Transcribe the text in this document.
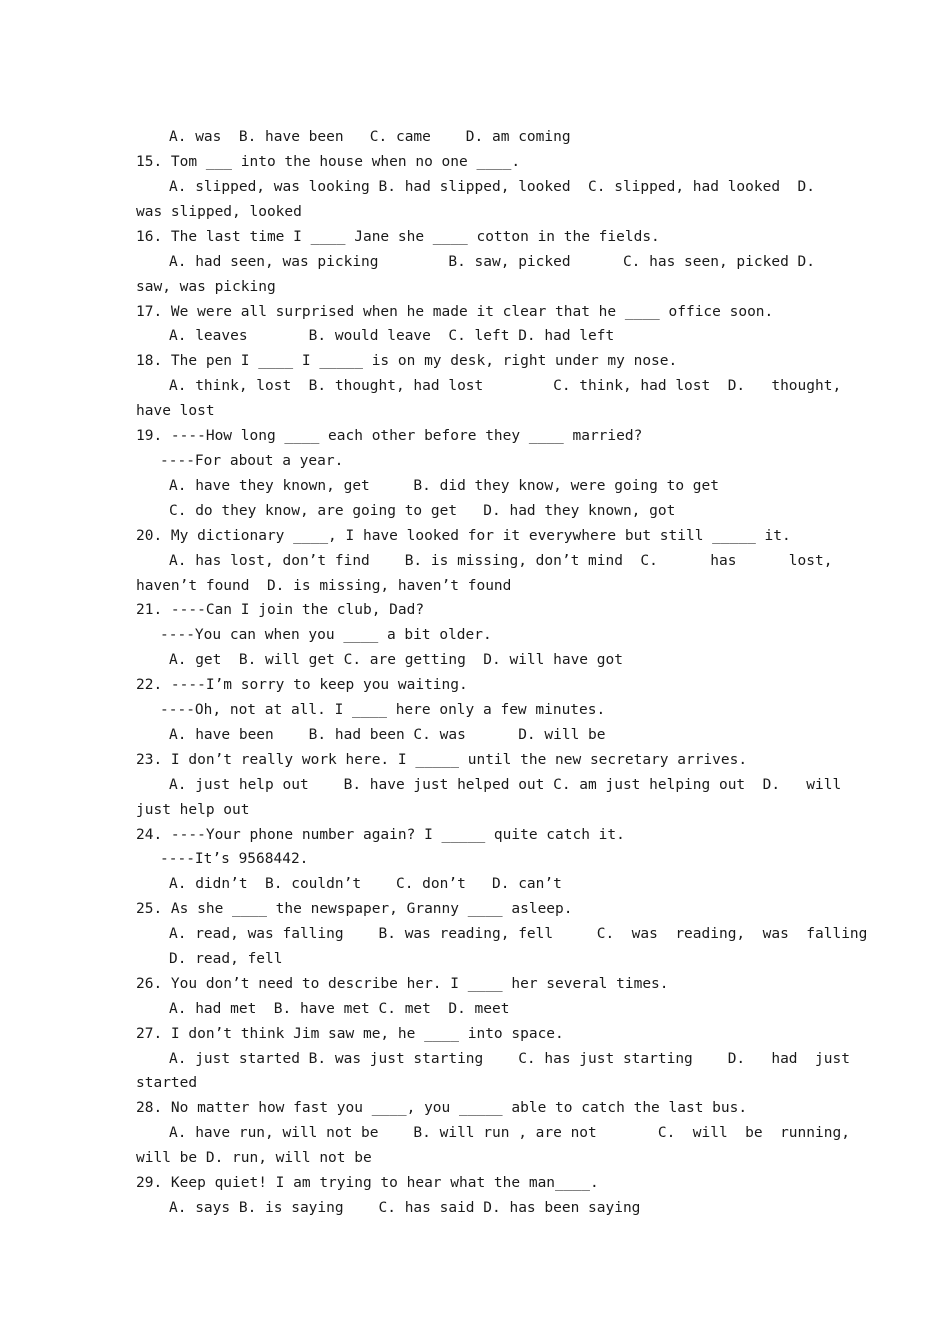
A. was  B. have been   C. came    D. am coming

15. Tom ___ into the house when no one ____.

A. slipped, was looking B. had slipped, looked  C. slipped, had looked  D.

was slipped, looked

16. The last time I ____ Jane she ____ cotton in the fields.

A. had seen, was picking        B. saw, picked      C. has seen, picked D.

saw, was picking

17. We were all surprised when he made it clear that he ____ office soon.

A. leaves       B. would leave  C. left D. had left

18. The pen I ____ I _____ is on my desk, right under my nose.

A. think, lost  B. thought, had lost        C. think, had lost  D.   thought,

have lost

19. ----How long ____ each other before they ____ married?

----For about a year.

A. have they known, get     B. did they know, were going to get

C. do they know, are going to get   D. had they known, got

20. My dictionary ____, I have looked for it everywhere but still _____ it.

A. has lost, don’t find    B. is missing, don’t mind  C.      has      lost,

haven’t found  D. is missing, haven’t found

21. ----Can I join the club, Dad?

----You can when you ____ a bit older.

A. get  B. will get C. are getting  D. will have got

22. ----I’m sorry to keep you waiting.

----Oh, not at all. I ____ here only a few minutes.

A. have been    B. had been C. was      D. will be

23. I don’t really work here. I _____ until the new secretary arrives.

A. just help out    B. have just helped out C. am just helping out  D.   will

just help out

24. ----Your phone number again? I _____ quite catch it.

----It’s 9568442.

A. didn’t  B. couldn’t    C. don’t   D. can’t

25. As she ____ the newspaper, Granny ____ asleep.

A. read, was falling    B. was reading, fell     C.  was  reading,  was  falling

D. read, fell

26. You don’t need to describe her. I ____ her several times.

A. had met  B. have met C. met  D. meet

27. I don’t think Jim saw me, he ____ into space.

A. just started B. was just starting    C. has just starting    D.   had  just

started

28. No matter how fast you ____, you _____ able to catch the last bus.

A. have run, will not be    B. will run , are not       C.  will  be  running,

will be D. run, will not be

29. Keep quiet! I am trying to hear what the man____.

A. says B. is saying    C. has said D. has been saying
